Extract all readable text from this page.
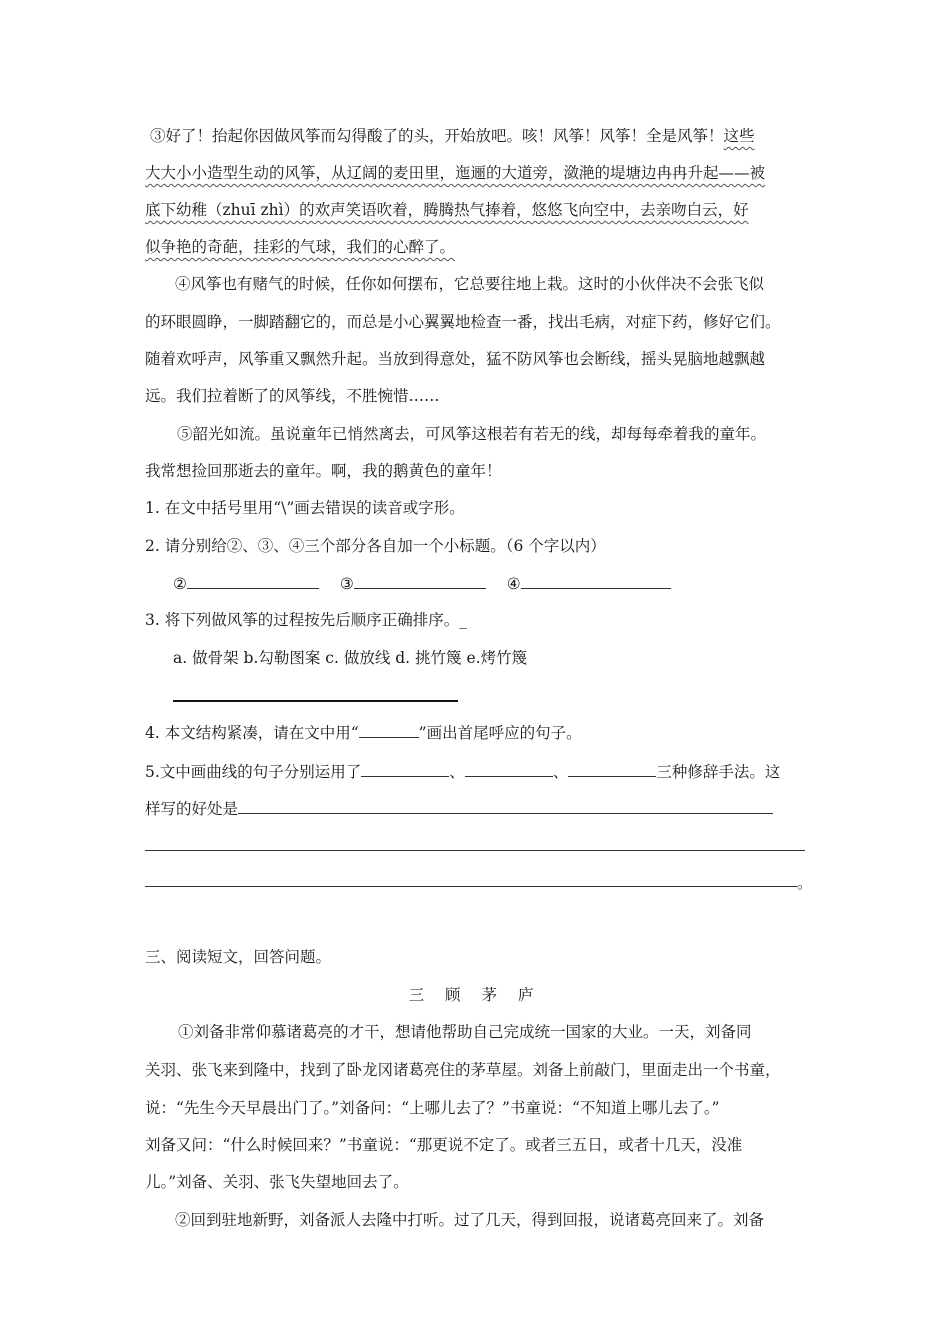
③好了！抬起你因做风筝而勾得酸了的头，开始放吧。咳！风筝！风筝！全是风筝！这些
大大小小造型生动的风筝，从辽阔的麦田里，迤逦的大道旁，潋滟的堤塘边冉冉升起——被
底下幼稚（zhuī zhì）的欢声笑语吹着，腾腾热气捧着，悠悠飞向空中，去亲吻白云，好
似争艳的奇葩，挂彩的气球，我们的心醉了。
④风筝也有赌气的时候，任你如何摆布，它总要往地上栽。这时的小伙伴决不会张飞似
的环眼圆睁，一脚踏翻它的，而总是小心翼翼地检查一番，找出毛病，对症下药，修好它们。
随着欢呼声，风筝重又飘然升起。当放到得意处，猛不防风筝也会断线，摇头晃脑地越飘越
远。我们拉着断了的风筝线，不胜惋惜……
⑤韶光如流。虽说童年已悄然离去，可风筝这根若有若无的线，却每每牵着我的童年。
我常想捡回那逝去的童年。啊，我的鹅黄色的童年！
1. 在文中括号里用“\”画去错误的读音或字形。
2. 请分别给②、③、④三个部分各自加一个小标题。（6 个字以内）
②	③	④
3. 将下列做风筝的过程按先后顺序正确排序。_
a. 做骨架 b.勾勒图案 c. 做放线 d. 挑竹篾 e.烤竹篾
4. 本文结构紧凑，请在文中用“	”画出首尾呼应的句子。
5.文中画曲线的句子分别运用了	、	、	三种修辞手法。这
样写的好处是
。
三、阅读短文，回答问题。
三 顾 茅 庐
①刘备非常仰慕诸葛亮的才干，想请他帮助自己完成统一国家的大业。一天，刘备同
关羽、张飞来到隆中，找到了卧龙冈诸葛亮住的茅草屋。刘备上前敲门，里面走出一个书童，
说：“先生今天早晨出门了。”刘备问：“上哪儿去了？”书童说：“不知道上哪儿去了。”
刘备又问：“什么时候回来？”书童说：“那更说不定了。或者三五日，或者十几天，没准
儿。”刘备、关羽、张飞失望地回去了。
②回到驻地新野，刘备派人去隆中打听。过了几天，得到回报，说诸葛亮回来了。刘备
